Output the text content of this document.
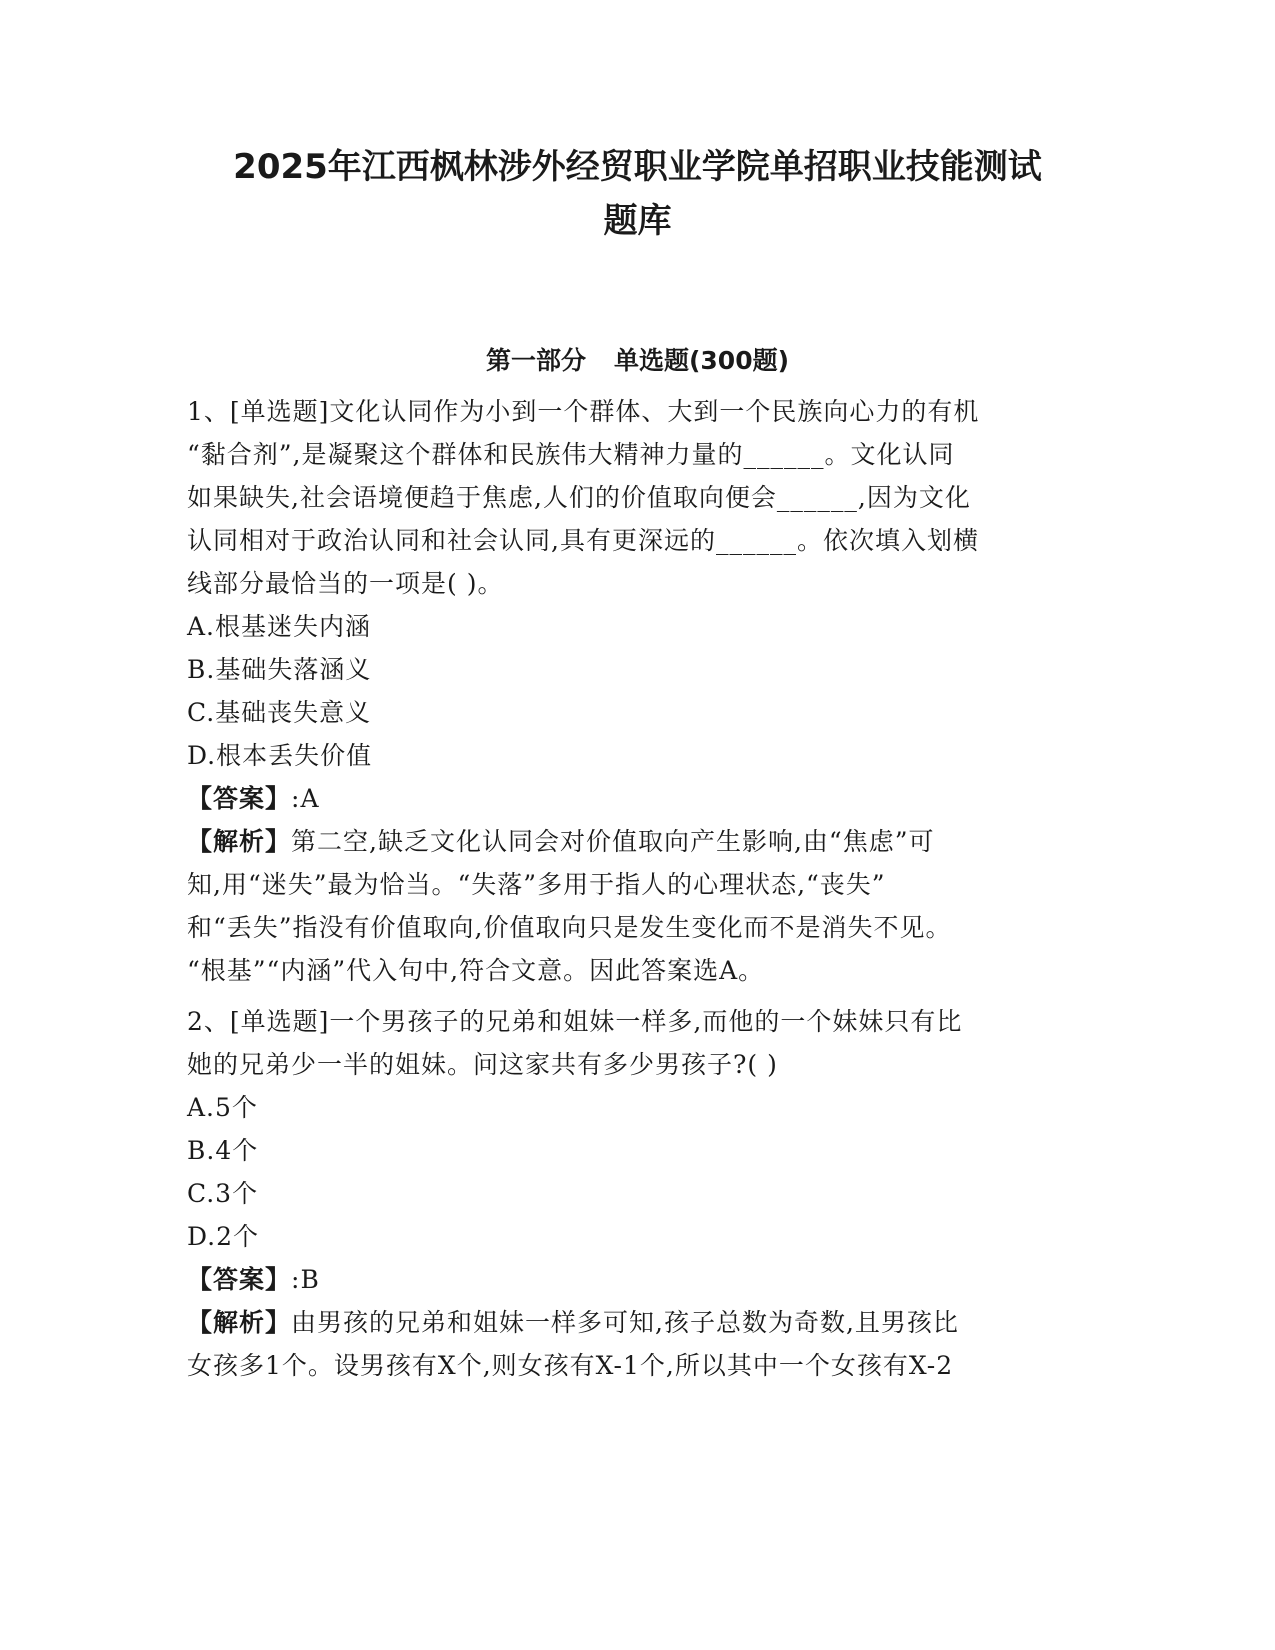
2025年江西枫林涉外经贸职业学院单招职业技能测试
题库
第一部分 单选题(300题)
1、[单选题]文化认同作为小到一个群体、大到一个民族向心力的有机
“黏合剂”,是凝聚这个群体和民族伟大精神力量的______。文化认同
如果缺失,社会语境便趋于焦虑,人们的价值取向便会______,因为文化
认同相对于政治认同和社会认同,具有更深远的______。依次填入划横
线部分最恰当的一项是( )。
A.根基迷失内涵
B.基础失落涵义
C.基础丧失意义
D.根本丢失价值
【答案】:A
【解析】第二空,缺乏文化认同会对价值取向产生影响,由“焦虑”可
知,用“迷失”最为恰当。“失落”多用于指人的心理状态,“丧失”
和“丢失”指没有价值取向,价值取向只是发生变化而不是消失不见。
“根基”“内涵”代入句中,符合文意。因此答案选A。
2、[单选题]一个男孩子的兄弟和姐妹一样多,而他的一个妹妹只有比
她的兄弟少一半的姐妹。问这家共有多少男孩子?( )
A.5个
B.4个
C.3个
D.2个
【答案】:B
【解析】由男孩的兄弟和姐妹一样多可知,孩子总数为奇数,且男孩比
女孩多1个。设男孩有X个,则女孩有X-1个,所以其中一个女孩有X-2
